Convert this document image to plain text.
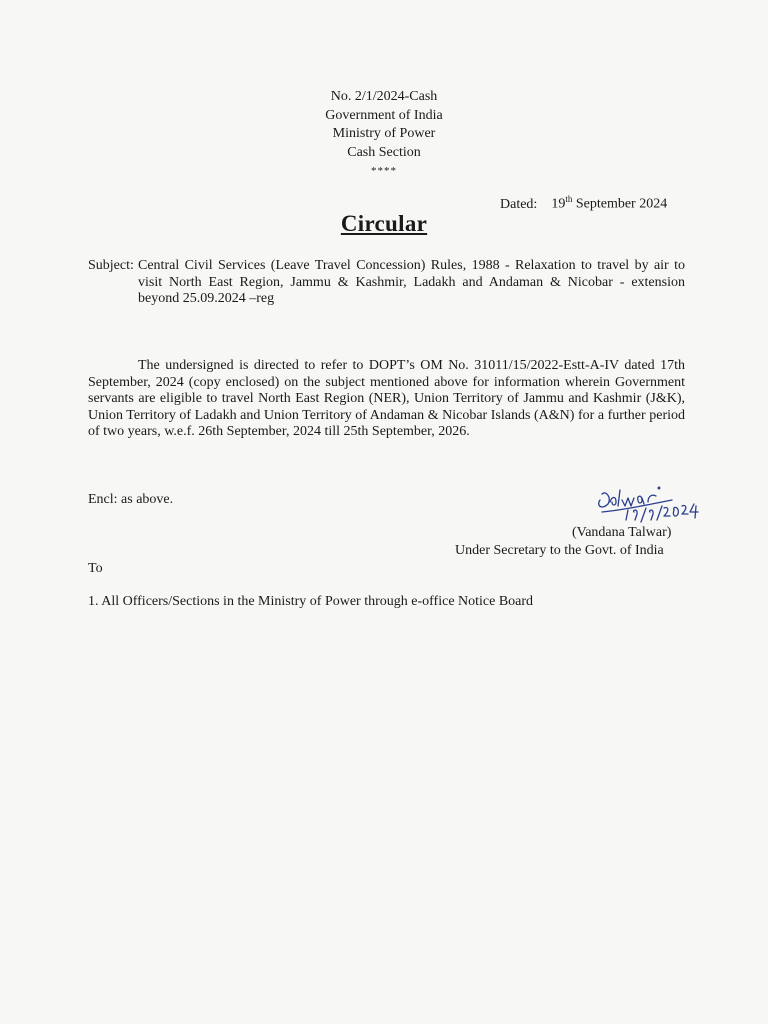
No. 2/1/2024-Cash
Government of India
Ministry of Power
Cash Section
****
Dated: 19th September 2024
Circular
Subject: Central Civil Services (Leave Travel Concession) Rules, 1988 - Relaxation to travel by air to visit North East Region, Jammu & Kashmir, Ladakh and Andaman & Nicobar - extension beyond 25.09.2024 –reg
The undersigned is directed to refer to DOPT’s OM No. 31011/15/2022-Estt-A-IV dated 17th September, 2024 (copy enclosed) on the subject mentioned above for information wherein Government servants are eligible to travel North East Region (NER), Union Territory of Jammu and Kashmir (J&K), Union Territory of Ladakh and Union Territory of Andaman & Nicobar Islands (A&N) for a further period of two years, w.e.f. 26th September, 2024 till 25th September, 2026.
Encl: as above.
(Vandana Talwar)
Under Secretary to the Govt. of India
To
1. All Officers/Sections in the Ministry of Power through e-office Notice Board
